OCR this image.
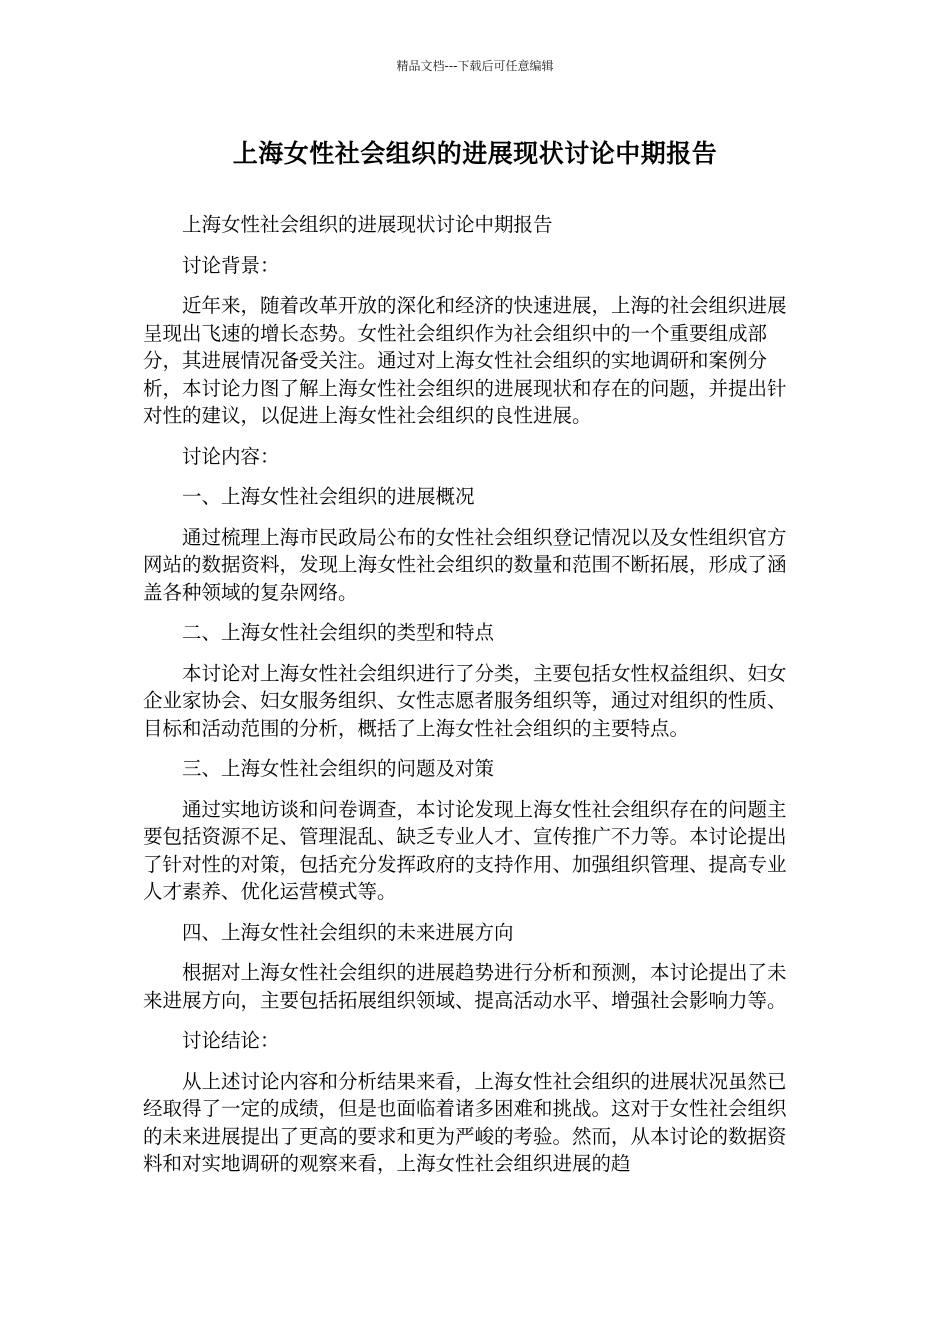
精品文档---下载后可任意编辑
上海女性社会组织的进展现状讨论中期报告

上海女性社会组织的进展现状讨论中期报告

讨论背景：

近年来，随着改革开放的深化和经济的快速进展，上海的社会组织进展呈现出飞速的增长态势。女性社会组织作为社会组织中的一个重要组成部分，其进展情况备受关注。通过对上海女性社会组织的实地调研和案例分析，本讨论力图了解上海女性社会组织的进展现状和存在的问题，并提出针对性的建议，以促进上海女性社会组织的良性进展。

讨论内容：

一、上海女性社会组织的进展概况

通过梳理上海市民政局公布的女性社会组织登记情况以及女性组织官方网站的数据资料，发现上海女性社会组织的数量和范围不断拓展，形成了涵盖各种领域的复杂网络。

二、上海女性社会组织的类型和特点

本讨论对上海女性社会组织进行了分类，主要包括女性权益组织、妇女企业家协会、妇女服务组织、女性志愿者服务组织等，通过对组织的性质、目标和活动范围的分析，概括了上海女性社会组织的主要特点。

三、上海女性社会组织的问题及对策

通过实地访谈和问卷调查，本讨论发现上海女性社会组织存在的问题主要包括资源不足、管理混乱、缺乏专业人才、宣传推广不力等。本讨论提出了针对性的对策，包括充分发挥政府的支持作用、加强组织管理、提高专业人才素养、优化运营模式等。

四、上海女性社会组织的未来进展方向

根据对上海女性社会组织的进展趋势进行分析和预测，本讨论提出了未来进展方向，主要包括拓展组织领域、提高活动水平、增强社会影响力等。

讨论结论：

从上述讨论内容和分析结果来看，上海女性社会组织的进展状况虽然已经取得了一定的成绩，但是也面临着诸多困难和挑战。这对于女性社会组织的未来进展提出了更高的要求和更为严峻的考验。然而，从本讨论的数据资料和对实地调研的观察来看，上海女性社会组织进展的趋
